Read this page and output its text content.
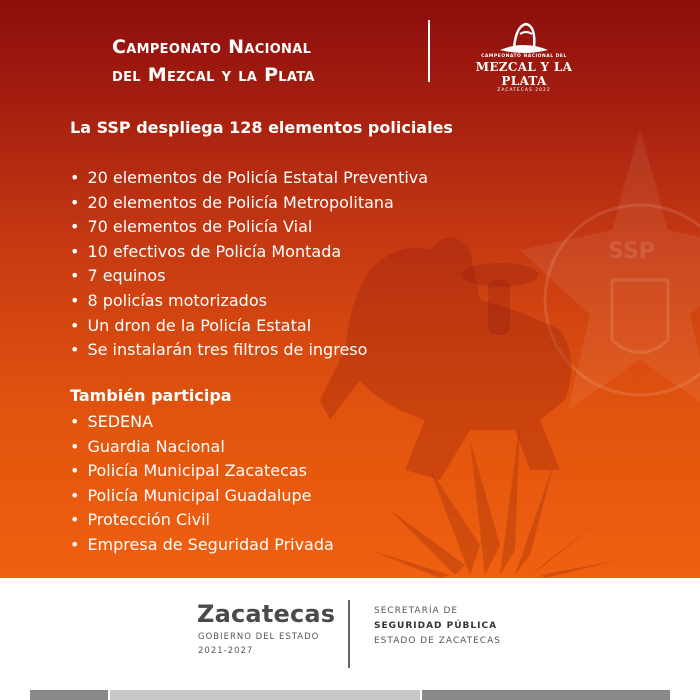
SSP
Campeonato Nacional
del Mezcal y la Plata
CAMPEONATO NACIONAL DEL
MEZCAL Y LA PLATA
ZACATECAS 2022
La SSP despliega 128 elementos policiales
• 20 elementos de Policía Estatal Preventiva
• 20 elementos de Policía Metropolitana
• 70 elementos de Policía Vial
• 10 efectivos de Policía Montada
• 7 equinos
• 8 policías motorizados
• Un dron de la Policía Estatal
• Se instalarán tres filtros de ingreso
También participa
• SEDENA
• Guardia Nacional
• Policía Municipal Zacatecas
• Policía Municipal Guadalupe
• Protección Civil
• Empresa de Seguridad Privada
Zacatecas
GOBIERNO DEL ESTADO
2021-2027
SECRETARÍA DE
SEGURIDAD PÚBLICA
ESTADO DE ZACATECAS
